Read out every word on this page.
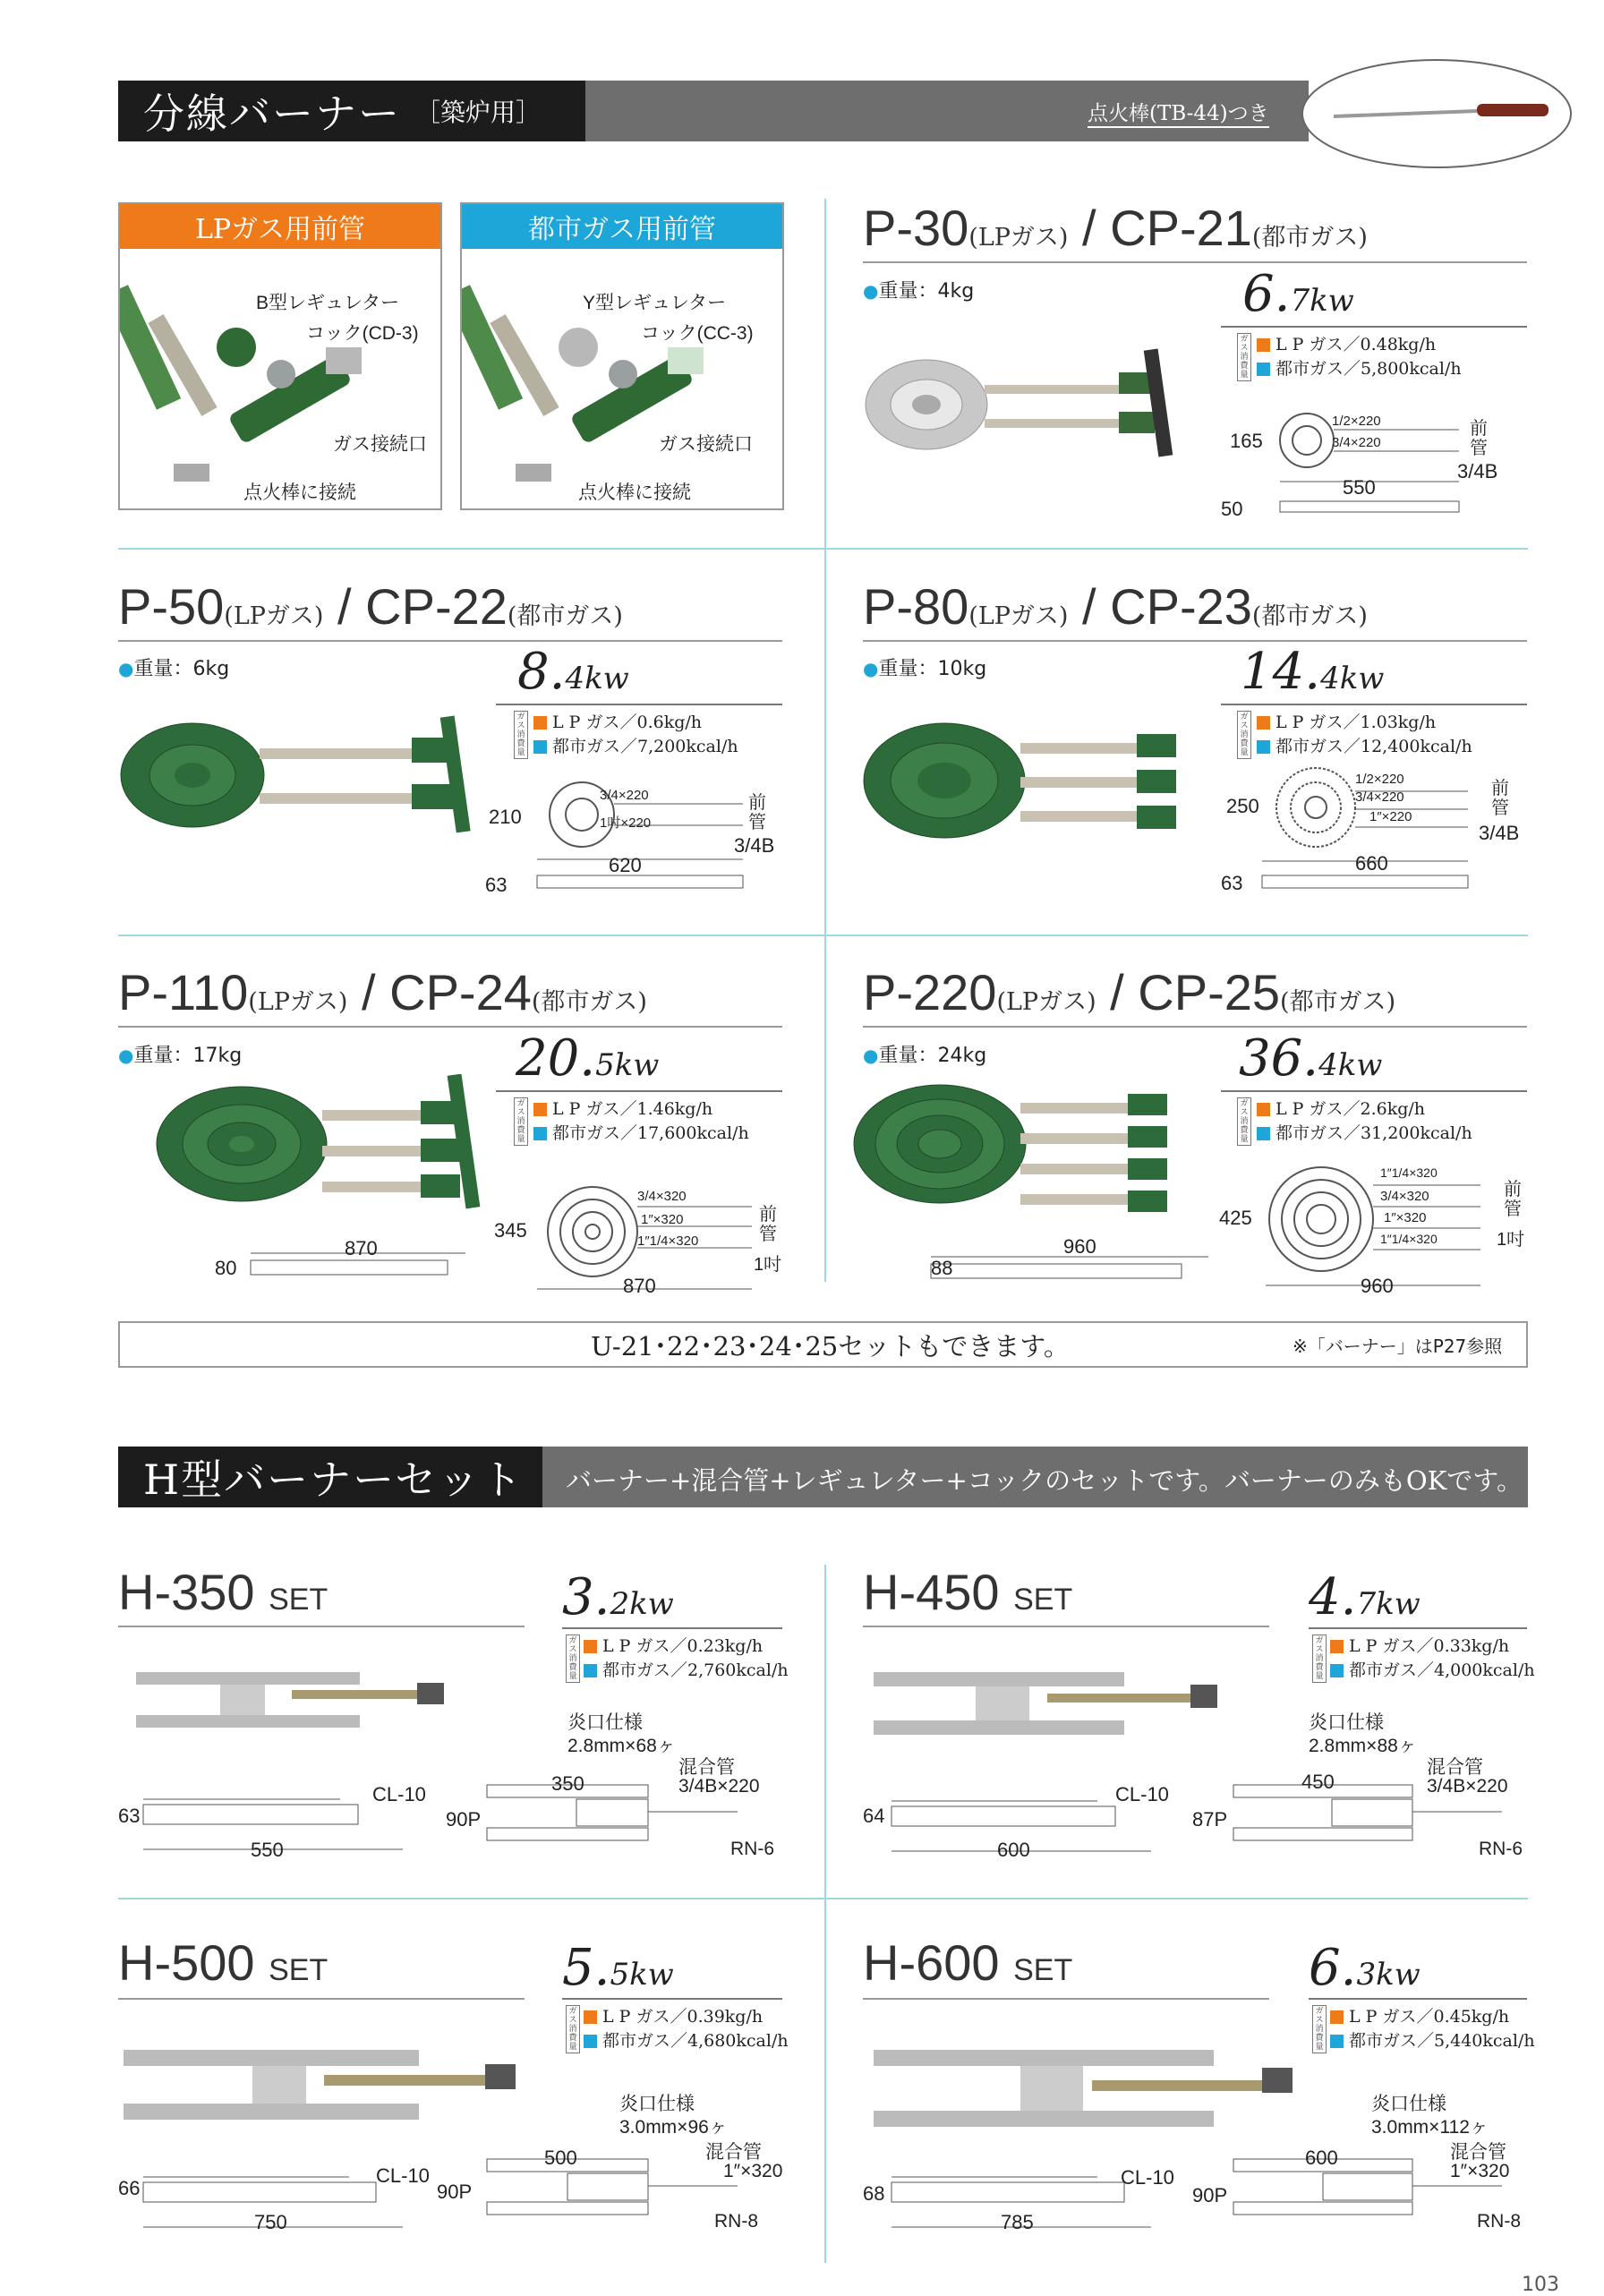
分線バーナー ［築炉用］	点火棒(TB-44)つき
LPガス用前管
B型レギュレター
コック(CD-3)
ガス接続口
点火棒に接続
都市ガス用前管
Y型レギュレター
コック(CC-3)
ガス接続口
点火棒に接続
P-30(LPガス) / CP-21(都市ガス)
●重量：4kg	6.7kw
ガス消費量
L P ガス／0.48kg/h
都市ガス／5,800kcal/h
165
1/2×220
3/4×220
前管
3/4B
550
50
P-50(LPガス) / CP-22(都市ガス)
●重量：6kg	8.4kw
ガス消費量
L P ガス／0.6kg/h
都市ガス／7,200kcal/h
210
3/4×220
1吋×220
前管
3/4B
620
63
P-80(LPガス) / CP-23(都市ガス)
●重量：10kg	14.4kw
ガス消費量
L P ガス／1.03kg/h
都市ガス／12,400kcal/h
250
1/2×220
3/4×220
1″×220
前管
3/4B
660
63
P-110(LPガス) / CP-24(都市ガス)
●重量：17kg	20.5kw
ガス消費量
L P ガス／1.46kg/h
都市ガス／17,600kcal/h
870
80
345
3/4×320
1″×320
1″1/4×320
前管
1吋
870
P-220(LPガス) / CP-25(都市ガス)
●重量：24kg	36.4kw
ガス消費量
L P ガス／2.6kg/h
都市ガス／31,200kcal/h
960
88
425
1″1/4×320
3/4×320
1″×320
1″1/4×320
前管
1吋
960
U-21･22･23･24･25セットもできます。	※「バーナー」はP27参照
H型バーナーセット バーナー+混合管+レギュレター+コックのセットです。バーナーのみもOKです。
H-350 SET	3.2kw
ガス消費量
L P ガス／0.23kg/h
都市ガス／2,760kcal/h
63
CL-10
550
炎口仕様
2.8mm×68ヶ
混合管
3/4B×220
350
90P
RN-6
H-450 SET	4.7kw
ガス消費量
L P ガス／0.33kg/h
都市ガス／4,000kcal/h
64
CL-10
600
炎口仕様
2.8mm×88ヶ
混合管
3/4B×220
450
87P
RN-6
H-500 SET	5.5kw
ガス消費量
L P ガス／0.39kg/h
都市ガス／4,680kcal/h
66
CL-10
750
炎口仕様
3.0mm×96ヶ
混合管
1″×320
500
90P
RN-8
H-600 SET	6.3kw
ガス消費量
L P ガス／0.45kg/h
都市ガス／5,440kcal/h
68
CL-10
785
炎口仕様
3.0mm×112ヶ
混合管
1″×320
600
90P
RN-8
103
